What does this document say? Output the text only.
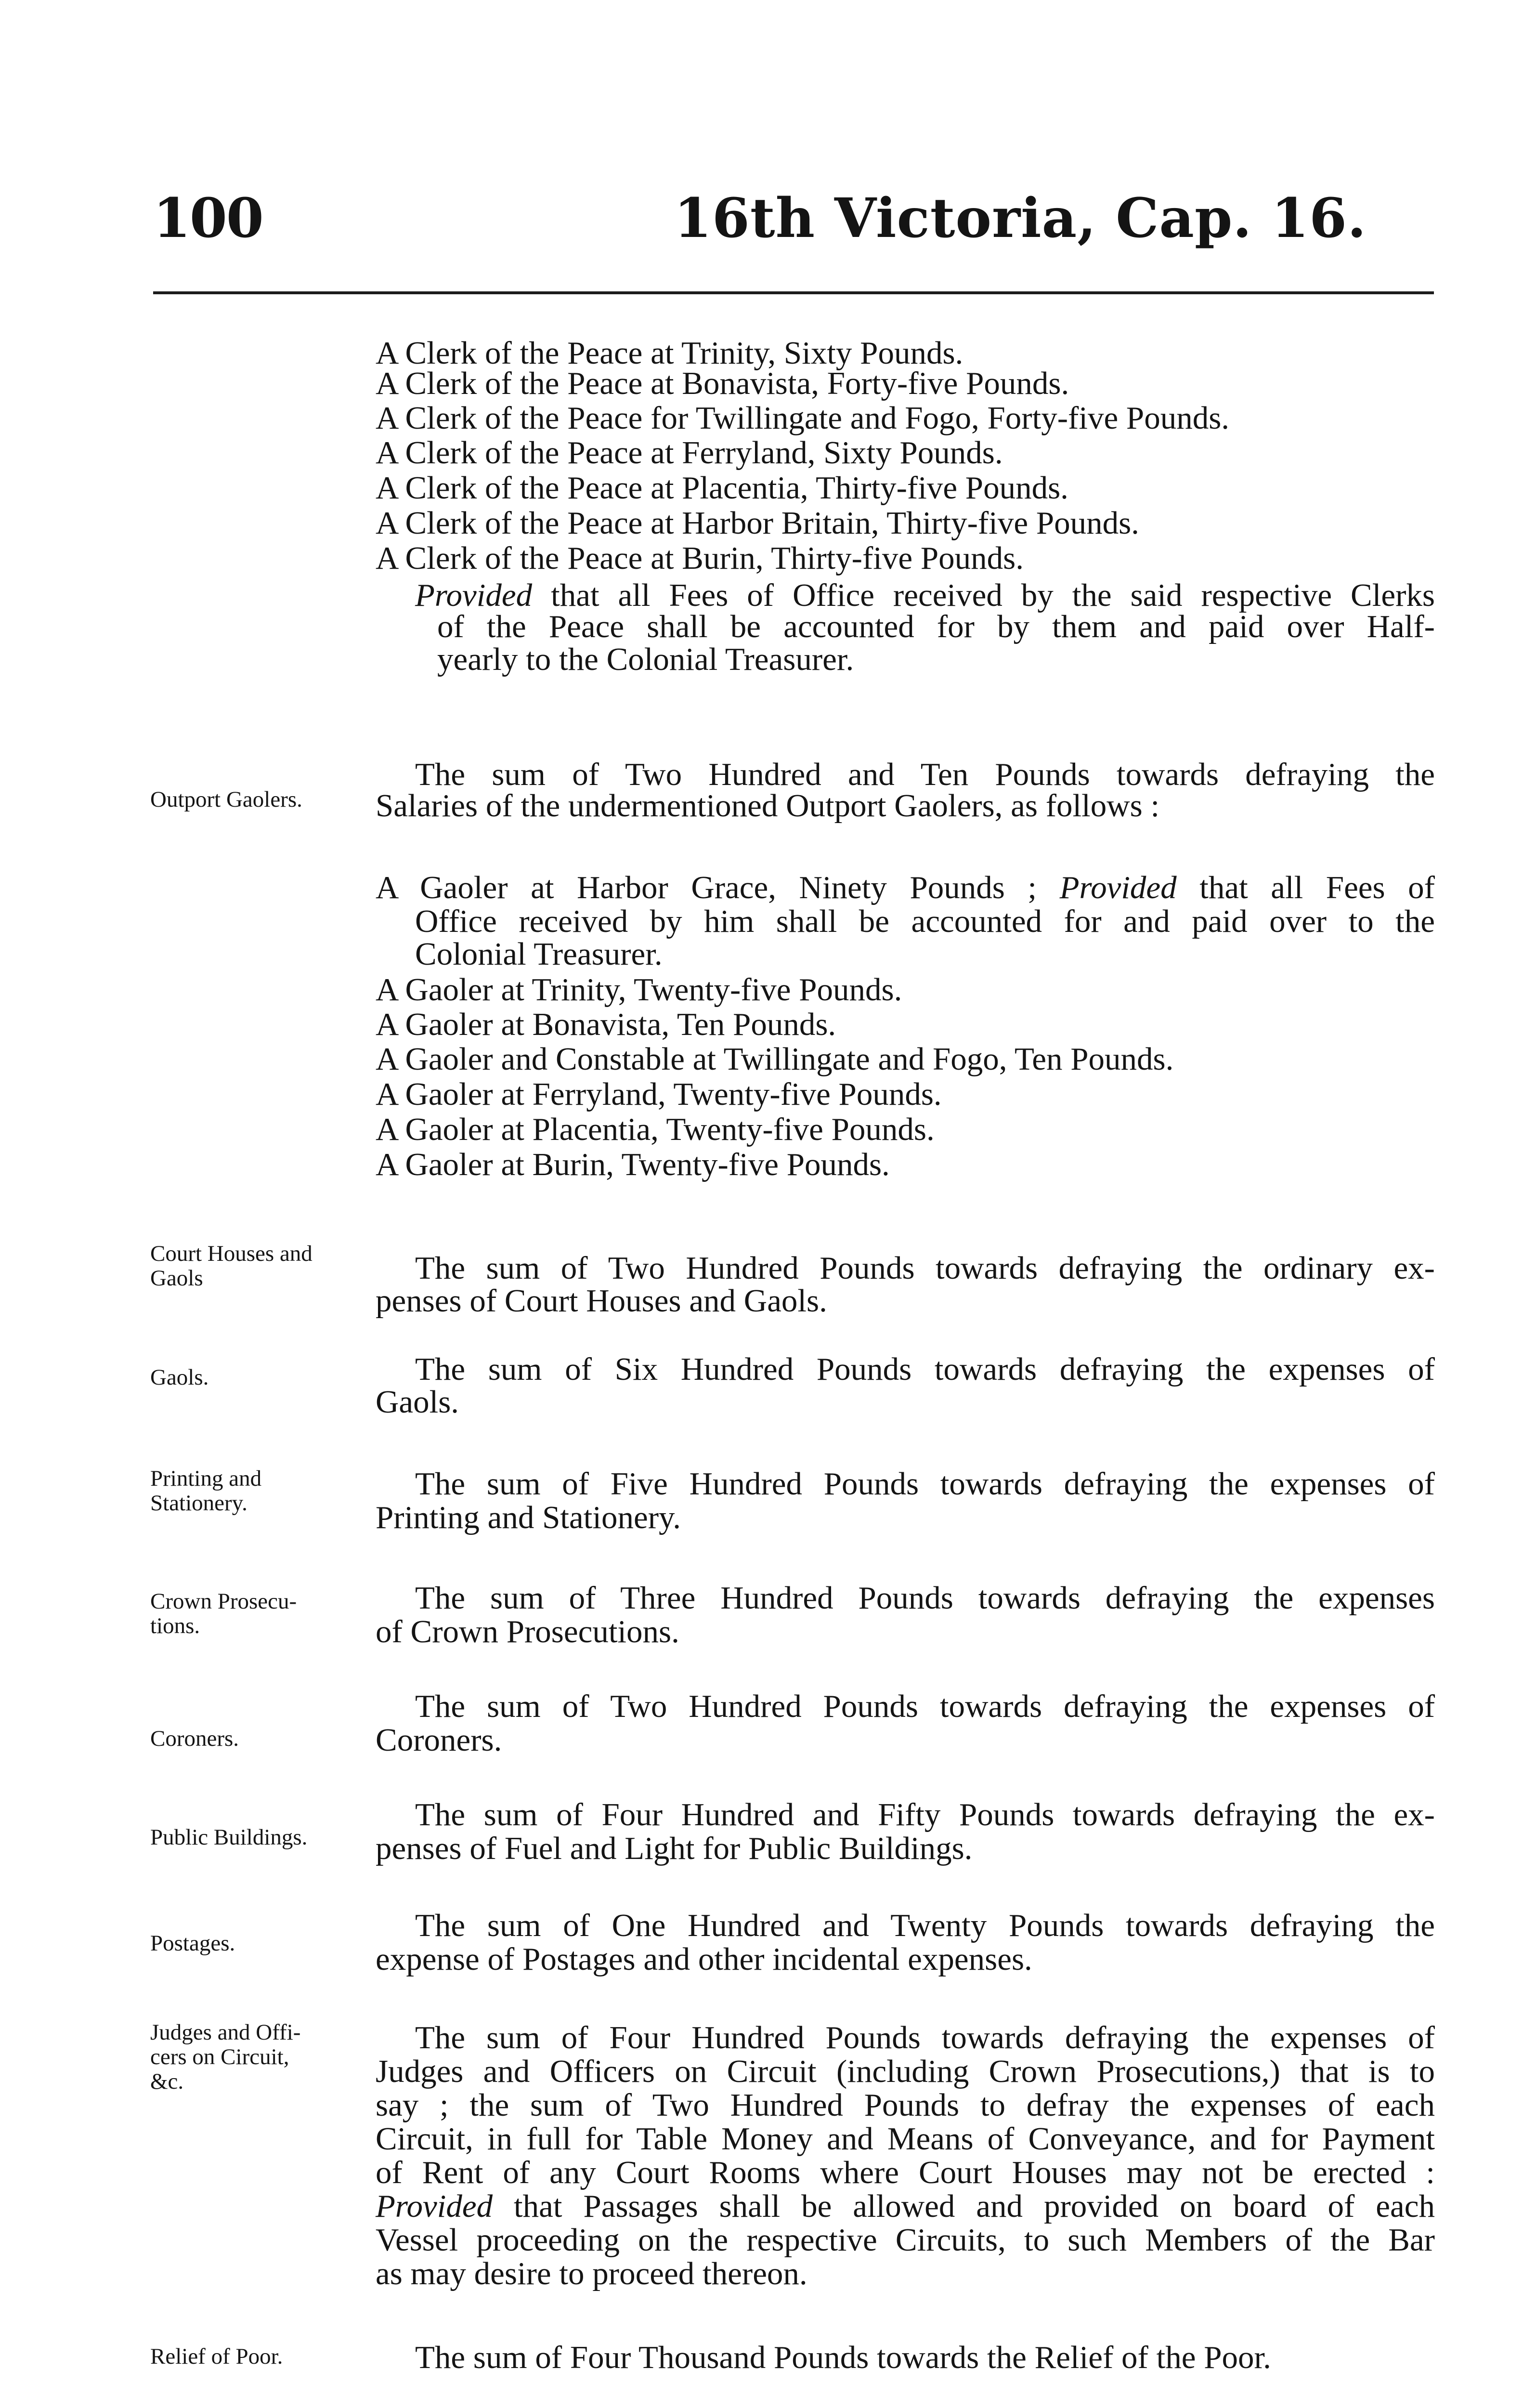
100	16th Victoria, Cap. 16.
A Clerk of the Peace at Trinity, Sixty Pounds.
A Clerk of the Peace at Bonavista, Forty-five Pounds.
A Clerk of the Peace for Twillingate and Fogo, Forty-five Pounds.
A Clerk of the Peace at Ferryland, Sixty Pounds.
A Clerk of the Peace at Placentia, Thirty-five Pounds.
A Clerk of the Peace at Harbor Britain, Thirty-five Pounds.
A Clerk of the Peace at Burin, Thirty-five Pounds.
Provided that all Fees of Office received by the said respective Clerks
of the Peace shall be accounted for by them and paid over Half-
yearly to the Colonial Treasurer.
Outport Gaolers.
The sum of Two Hundred and Ten Pounds towards defraying the
Salaries of the undermentioned Outport Gaolers, as follows :
A Gaoler at Harbor Grace, Ninety Pounds ; Provided that all Fees of
Office received by him shall be accounted for and paid over to the
Colonial Treasurer.
A Gaoler at Trinity, Twenty-five Pounds.
A Gaoler at Bonavista, Ten Pounds.
A Gaoler and Constable at Twillingate and Fogo, Ten Pounds.
A Gaoler at Ferryland, Twenty-five Pounds.
A Gaoler at Placentia, Twenty-five Pounds.
A Gaoler at Burin, Twenty-five Pounds.
Court Houses and
Gaols	The sum of Two Hundred Pounds towards defraying the ordinary ex-
penses of Court Houses and Gaols.
Gaols.	The sum of Six Hundred Pounds towards defraying the expenses of
Gaols.
Printing and
Stationery.
The sum of Five Hundred Pounds towards defraying the expenses of
Printing and Stationery.
Crown Prosecu-
tions.
The sum of Three Hundred Pounds towards defraying the expenses
of Crown Prosecutions.
Coroners.
The sum of Two Hundred Pounds towards defraying the expenses of
Coroners.
Public Buildings.
The sum of Four Hundred and Fifty Pounds towards defraying the ex-
penses of Fuel and Light for Public Buildings.
Postages.	The sum of One Hundred and Twenty Pounds towards defraying the
expense of Postages and other incidental expenses.
Judges and Offi-
cers on Circuit,
&c.
The sum of Four Hundred Pounds towards defraying the expenses of
Judges and Officers on Circuit (including Crown Prosecutions,) that is to
say ; the sum of Two Hundred Pounds to defray the expenses of each
Circuit, in full for Table Money and Means of Conveyance, and for Payment
of Rent of any Court Rooms where Court Houses may not be erected :
Provided that Passages shall be allowed and provided on board of each
Vessel proceeding on the respective Circuits, to such Members of the Bar
as may desire to proceed thereon.
Relief of Poor.	The sum of Four Thousand Pounds towards the Relief of the Poor.
